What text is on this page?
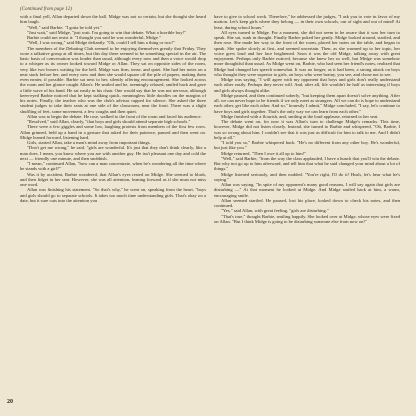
(Continued from page 12)

with a final yell, Allan departed down the hall. Midge was not so certain, but she thought she heard him laugh.

"Well," said Barbie. "I gotta be told yet."

"Just wait," said Midge, "just wait. I'm going to win that debate. What a horrible boy!"

Barbie could not resist it: "I thought you said he was wonderful, Midge."

"Well, I was wrong," said Midge defiantly. "Oh, could I tell him a thing or two!"

The members of the Debating Club seemed to be enjoying themselves greatly that Friday. They wore a talkative group at all times, but this day there seemed to be something special in the air. The basic basis of conversation was louder than usual, although every now and then a voice would drop to a whisper as its owner looked toward Midge or Allan. They sat on opposite sides of the room, very like two boxers waiting for the bell. Midge was firm, tense, and quiet. She had her notes on a neat stack before her, and every now and then she would square off the pile of papers, making them even neater, if possible. Barbie sat next to her, silently offering encouragement. She looked across the room and her glance caught Allan's. He smiled and he, seemingly relaxed, smiled back and gave a little wave of his hand. He sat easily in his chair. One would say that he was not nervous, although keen-eyed Barbie noticed that he kept stalking quick, meaningless little doodles on the margins of his notes. Finally, the teacher who was the club's advisor rapped for silence. She asked the three student judges to take their seats at one side of the classroom, near the front. There was a slight shuffling of feet, some movement, a few coughs and then quiet.

Allan was to begin the debate. He rose, walked to the front of the room and faced his audience.

"Resolved," said Allan, clearly, "that boys and girls should attend separate high schools."

There were a few giggles and some low, laughing protests from members of the first few rows. Allan grinned, held up a hand in a gesture that asked for their patience, paused and then went on. Midge leaned forward, listening hard.

Girls, started Allan, take a man's mind away from important things.

"Don't get me wrong," he said, "girls are wonderful. It's just that they don't think clearly, like a man does. I mean, you know where you are with another guy. He isn't pleasant one day and cold the next — friendly one minute, and then snobbish.

"I mean," continued Allan, "how can a man concentrate, when he's wondering all the time where he stands with a girl?"

Was it by accident, Barbie wondered, that Allan's eyes rested on Midge. She seemed to blush, and then fidget in her seat. However, she was all attention, leaning forward as if she must not miss one word.

Allan was finishing his statement. "So that's why," he went on, speaking from the heart, "boys and girls should go to separate schools. It takes too much time understanding girls. That's okay on a date, but it sure cuts into the attention you

have to give to school work. Therefore," he addressed the judges, "I ask you to vote in favor of my motion. Let's keep girls where they belong — in their own schools, out of sight and out of mind! At least, during school hours."

All eyes turned to Midge. For a moment, she did not seem to be aware that it was her turn to speak. She sat, sunk in thought. Finally Barbie poked her gently. Midge looked around, startled, and then rose. She made her way to the front of the room, placed her notes on the table, and began to speak. She spoke slowly at first, and seemed uncertain. Then, as she warmed up to her topic, her voice grew loud and her face brightened. Soon it was the old Midge, talking away with great enjoyment. Perhaps only Barbie noticed, because she knew her so well, but Midge was somehow more thoughtful than usual. As Midge went on, Barbie, who had seen her friend's notes, realized that Midge had changed her speech somewhat. It was no longer, as it had been, a strong attack on boys who thought they were superior to girls, on boys who were brainy, you see, and chose not to see.

Midge was saying, "I will agree with my opponent that boys and girls don't really understand each other easily. Perhaps they never will. And, after all, life wouldn't be half as interesting if boys and girls always thought alike.

Midge paused, and then continued soberly, "but keeping them apart doesn't solve anything. After all, we can never hope to be friends if we only meet as strangers. All we can do is hope to understand each other, get like each other. And so," honestly I admit," Midge concluded, "I say, let's continue to have boys and girls together. That's the only way we can learn from each other."

Midge finished with a flourish, and, smiling at the loud applause, returned to her seat.

The debate went on, for now it was Allan's turn to challenge Midge's remarks. This time, however, Midge did not listen closely. Instead, she turned to Barbie and whispered, "Oh, Barbie, I was so wrong about him. I couldn't see that it was just as difficult for him to talk to me. And I didn't help at all."

"I told you so," Barbie whispered back. "He's no different from any other boy. He's wonderful, but just like you."

Midge returned, "Then I owe it all up to him!"

"Well," said Barbie, "from the way the class applauded, I have a hunch that you'll win the debate. But why not go up to him afterward, and tell him that what he said changed your mind about a lot of things."

Midge listened seriously, and then nodded. "You're right, I'll do it! Hush, let's hear what he's saying."

Allan was saying, "In spite of my opponent's many good reasons, I will say again that girls are disturbing —" At that moment he looked at Midge. And Midge smiled back at him, a warm, encouraging smile.

Allan seemed startled. He paused, lost his place, looked down to check his notes, and then continued.

"Yes," said Allan, with great feeling, "girls are disturbing."

"That's true," thought Barbie, smiling happily. She looked over at Midge, whose eyes were fixed on Allan. "But I think Midge is going to be disturbing someone else from now on!"

20
